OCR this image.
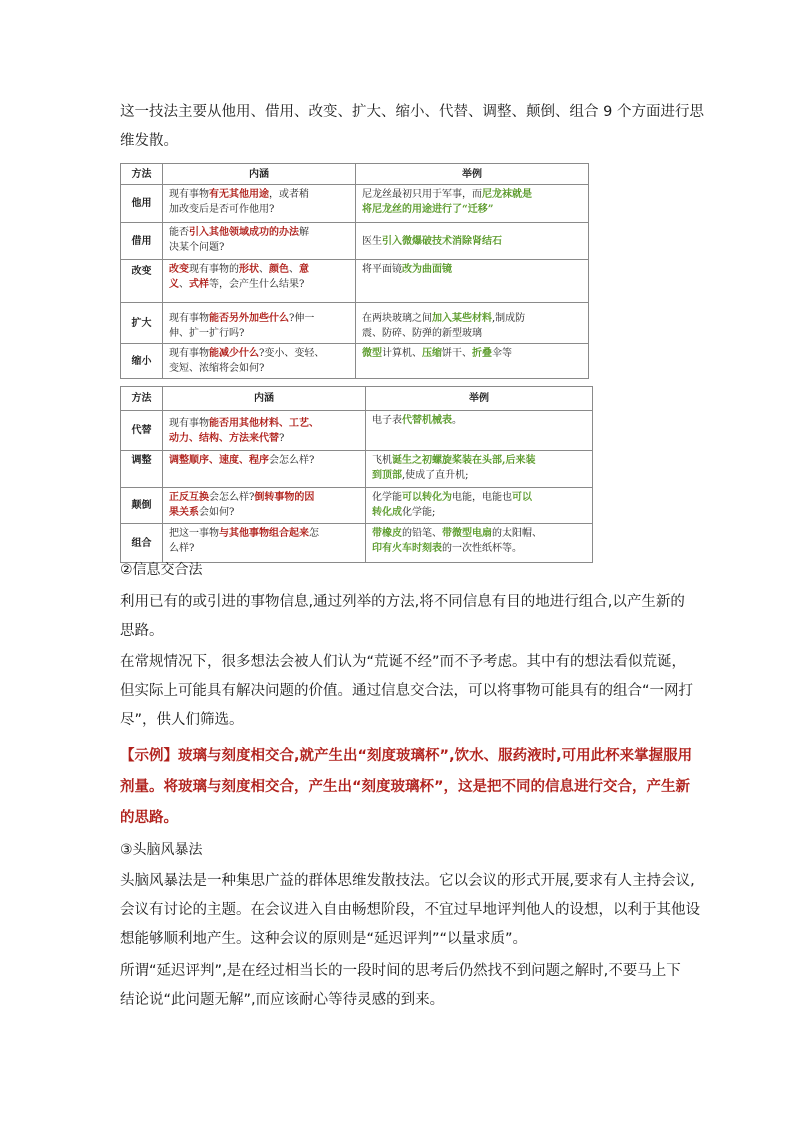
这一技法主要从他用、借用、改变、扩大、缩小、代替、调整、颠倒、组合 9 个方面进行思
维发散。

方法	内涵	举例
他用	现有事物有无其他用途，或者稍
加改变后是否可作他用?	尼龙丝最初只用于军事，而尼龙袜就是
将尼龙丝的用途进行了“迁移”
借用	能否引入其他领域成功的办法解
决某个问题?	医生引入微爆破技术消除肾结石
改变	改变现有事物的形状、颜色、意
义、式样等，会产生什么结果?	将平面镜改为曲面镜
扩大	现有事物能否另外加些什么?伸一
伸、扩一扩行吗?	在两块玻璃之间加入某些材料,制成防
震、防碎、防弹的新型玻璃
缩小	现有事物能减少什么?变小、变轻、
变短、浓缩将会如何?	微型计算机、压缩饼干、折叠伞等
方法	内涵	举例
代替	现有事物能否用其他材料、工艺、
动力、结构、方法来代替?	电子表代替机械表。
调整	调整顺序、速度、程序会怎么样?	飞机诞生之初螺旋桨装在头部,后来装
到顶部,使成了直升机;
颠倒	正反互换会怎么样?倒转事物的因
果关系会如何?	化学能可以转化为电能，电能也可以
转化成化学能;
组合	把这一事物与其他事物组合起来怎
么样?	带橡皮的铅笔、带微型电扇的太阳帽、
印有火车时刻表的一次性纸杯等。
②信息交合法

利用已有的或引进的事物信息,通过列举的方法,将不同信息有目的地进行组合,以产生新的
思路。

在常规情况下，很多想法会被人们认为“荒诞不经”而不予考虑。其中有的想法看似荒诞，
但实际上可能具有解决问题的价值。通过信息交合法，可以将事物可能具有的组合“一网打
尽”，供人们筛选。

【示例】玻璃与刻度相交合,就产生出“刻度玻璃杯”,饮水、服药液时,可用此杯来掌握服用
剂量。将玻璃与刻度相交合，产生出“刻度玻璃杯”，这是把不同的信息进行交合，产生新
的思路。

③头脑风暴法

头脑风暴法是一种集思广益的群体思维发散技法。它以会议的形式开展,要求有人主持会议,
会议有讨论的主题。在会议进入自由畅想阶段，不宜过早地评判他人的设想，以利于其他设
想能够顺利地产生。这种会议的原则是“延迟评判”“以量求质”。

所谓“延迟评判”,是在经过相当长的一段时间的思考后仍然找不到问题之解时,不要马上下
结论说“此问题无解”,而应该耐心等待灵感的到来。
